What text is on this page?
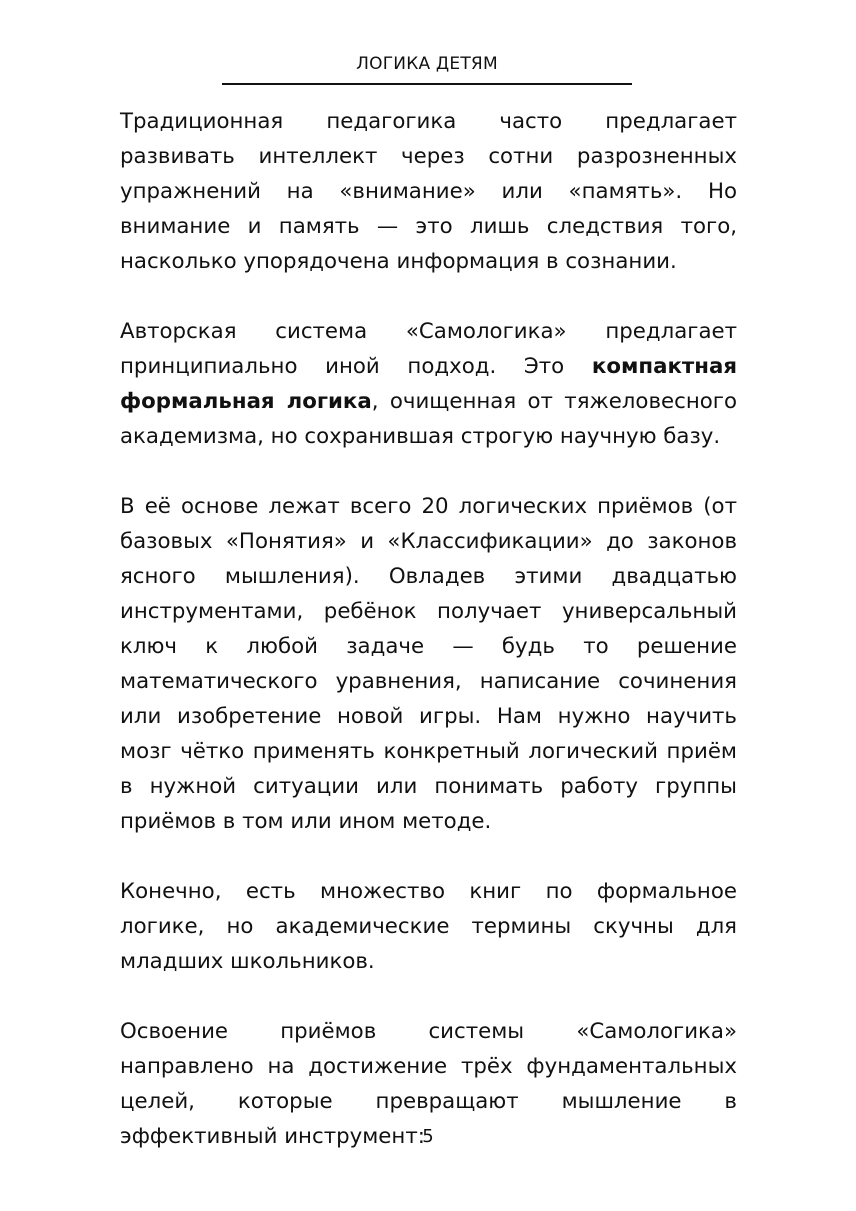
ЛОГИКА ДЕТЯМ

Традиционная педагогика часто предлагает развивать интеллект через сотни разрозненных упражнений на «внимание» или «память». Но внимание и память — это лишь следствия того, насколько упорядочена информация в сознании.

Авторская система «Самологика» предлагает принципиально иной подход. Это компактная формальная логика, очищенная от тяжеловесного академизма, но сохранившая строгую научную базу.

В её основе лежат всего 20 логических приёмов (от базовых «Понятия» и «Классификации» до законов ясного мышления). Овладев этими двадцатью инструментами, ребёнок получает универсальный ключ к любой задаче — будь то решение математического уравнения, написание сочинения или изобретение новой игры. Нам нужно научить мозг чётко применять конкретный логический приём в нужной ситуации или понимать работу группы приёмов в том или ином методе.

Конечно, есть множество книг по формальное логике, но академические термины скучны для младших школьников.

Освоение приёмов системы «Самологика» направлено на достижение трёх фундаментальных целей, которые превращают мышление в эффективный инструмент:

5
